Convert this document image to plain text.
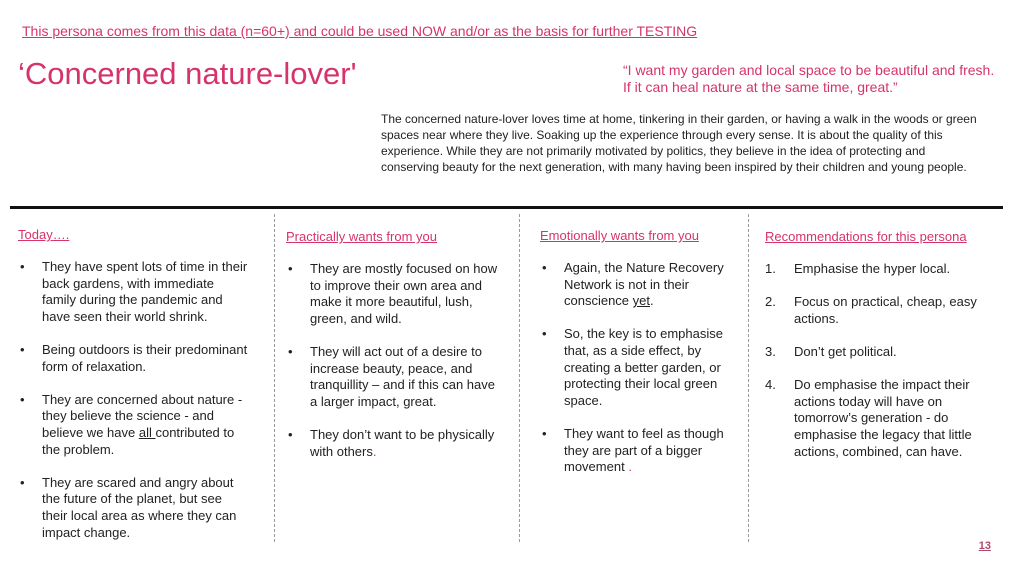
This persona comes from this data (n=60+) and could be used NOW and/or as the basis for further TESTING
‘Concerned nature-lover'	“I want my garden and local space to be beautiful and fresh. If it can heal nature at the same time, great.”
The concerned nature-lover loves time at home, tinkering in their garden, or having a walk in the woods or green spaces near where they live. Soaking up the experience through every sense. It is about the quality of this experience. While they are not primarily motivated by politics, they believe in the idea of protecting and conserving beauty for the next generation, with many having been inspired by their children and young people.
Today….
• They have spent lots of time in their back gardens, with immediate family during the pandemic and have seen their world shrink.
• Being outdoors is their predominant form of relaxation.
• They are concerned about nature - they believe the science - and believe we have all contributed to the problem.
• They are scared and angry about the future of the planet, but see their local area as where they can impact change.
Practically wants from you
• They are mostly focused on how to improve their own area and make it more beautiful, lush, green, and wild.
• They will act out of a desire to increase beauty, peace, and tranquillity – and if this can have a larger impact, great.
• They don’t want to be physically with others.
Emotionally wants from you
• Again, the Nature Recovery Network is not in their conscience yet.
• So, the key is to emphasise that, as a side effect, by creating a better garden, or protecting their local green space.
• They want to feel as though they are part of a bigger movement .
Recommendations for this persona
1. Emphasise the hyper local.
2. Focus on practical, cheap, easy actions.
3. Don’t get political.
4. Do emphasise the impact their actions today will have on tomorrow’s generation - do emphasise the legacy that little actions, combined, can have.
13
